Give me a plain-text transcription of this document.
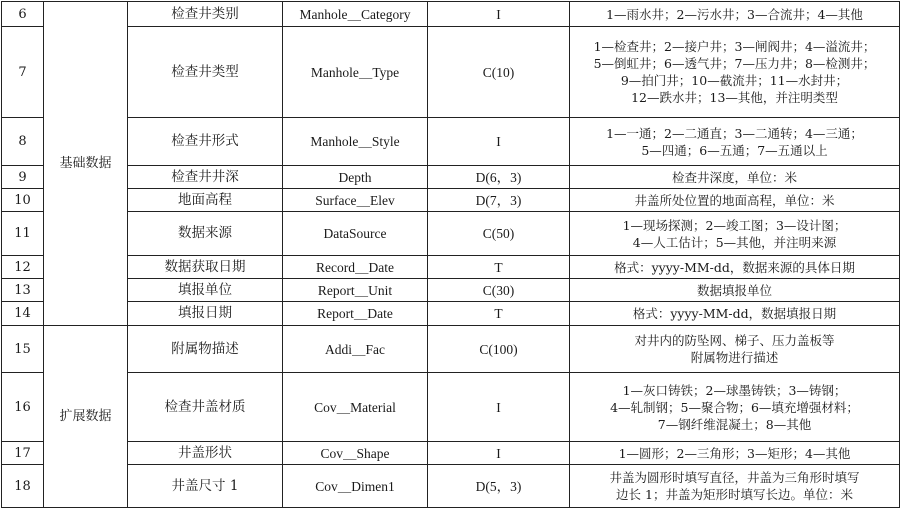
6	基础数据	检查井类别	Manhole＿Category	I	1—雨水井；2—污水井；3—合流井；4—其他
7		检查井类型	Manhole＿Type	C(10)	1—检查井；2—接户井；3—闸阀井；4—溢流井；
5—倒虹井；6—透气井；7—压力井；8—检测井；
9—拍门井；10—截流井；11—水封井；
12—跌水井；13—其他，并注明类型
8		检查井形式	Manhole＿Style	I	1—一通；2—二通直；3—二通转；4—三通；
5—四通；6—五通；7—五通以上
9		检查井井深	Depth	D(6，3)	检查井深度，单位：米
10		地面高程	Surface＿Elev	D(7，3)	井盖所处位置的地面高程，单位：米
11		数据来源	DataSource	C(50)	1—现场探测；2—竣工图；3—设计图；
4—人工估计；5—其他，并注明来源
12		数据获取日期	Record＿Date	T	格式：yyyy-MM-dd，数据来源的具体日期
13		填报单位	Report＿Unit	C(30)	数据填报单位
14		填报日期	Report＿Date	T	格式：yyyy-MM-dd，数据填报日期
15	扩展数据	附属物描述	Addi＿Fac	C(100)	对井内的防坠网、梯子、压力盖板等
附属物进行描述
16		检查井盖材质	Cov＿Material	I	1—灰口铸铁；2—球墨铸铁；3—铸钢；
4—轧制钢；5—聚合物；6—填充增强材料；
7—钢纤维混凝土；8—其他
17		井盖形状	Cov＿Shape	I	1—圆形；2—三角形；3—矩形；4—其他
18		井盖尺寸 1	Cov＿Dimen1	D(5，3)	井盖为圆形时填写直径，井盖为三角形时填写
边长 1；井盖为矩形时填写长边。单位：米
